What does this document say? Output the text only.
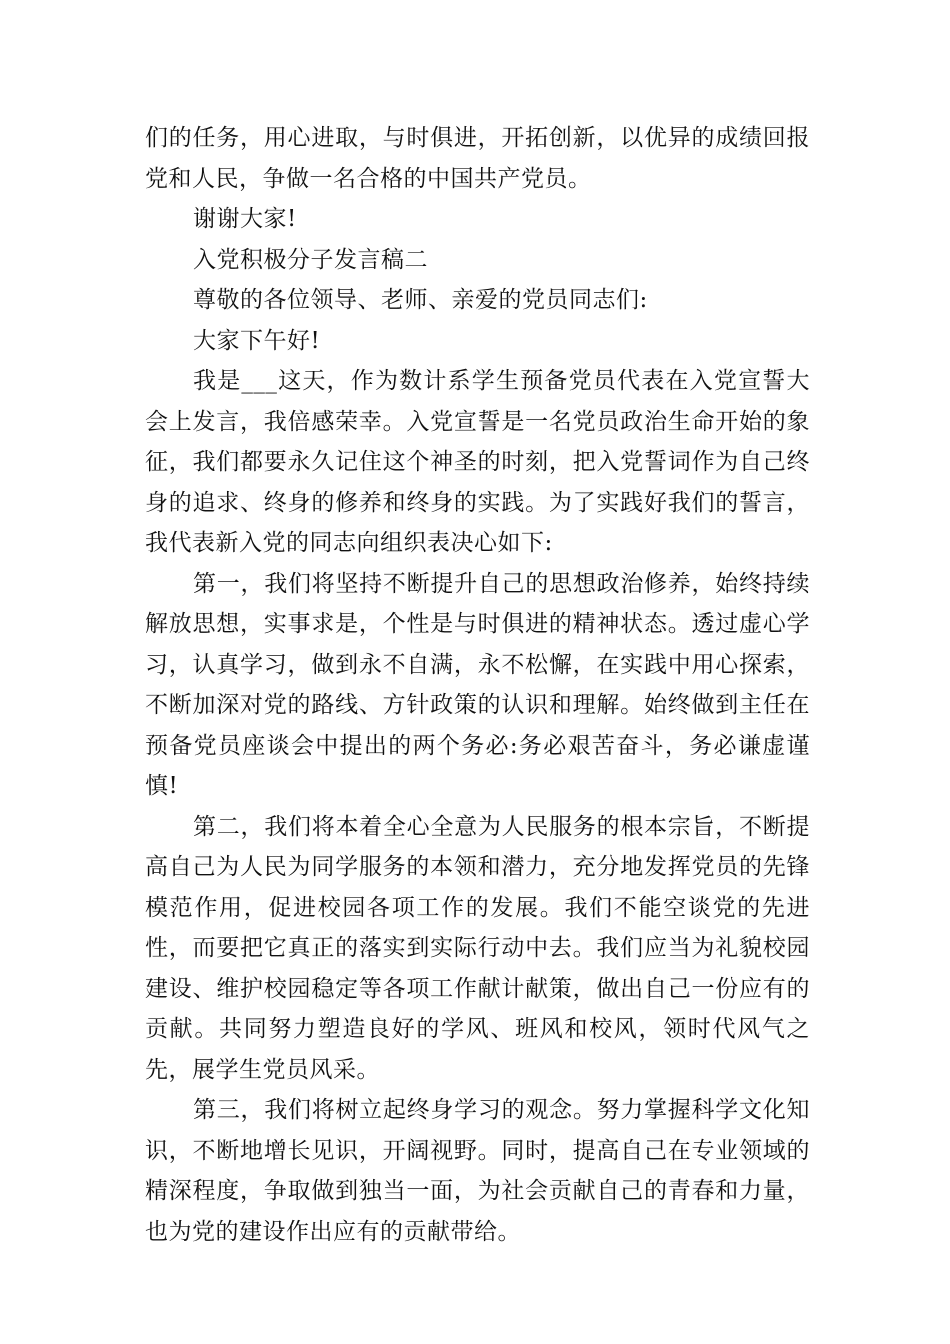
们的任务，用心进取，与时俱进，开拓创新，以优异的成绩回报党和人民，争做一名合格的中国共产党员。

谢谢大家!

入党积极分子发言稿二

尊敬的各位领导、老师、亲爱的党员同志们:

大家下午好!

我是___这天，作为数计系学生预备党员代表在入党宣誓大会上发言，我倍感荣幸。入党宣誓是一名党员政治生命开始的象征，我们都要永久记住这个神圣的时刻，把入党誓词作为自己终身的追求、终身的修养和终身的实践。为了实践好我们的誓言，我代表新入党的同志向组织表决心如下:

第一，我们将坚持不断提升自己的思想政治修养，始终持续解放思想，实事求是，个性是与时俱进的精神状态。透过虚心学习，认真学习，做到永不自满，永不松懈，在实践中用心探索，不断加深对党的路线、方针政策的认识和理解。始终做到主任在预备党员座谈会中提出的两个务必:务必艰苦奋斗，务必谦虚谨慎!

第二，我们将本着全心全意为人民服务的根本宗旨，不断提高自己为人民为同学服务的本领和潜力，充分地发挥党员的先锋模范作用，促进校园各项工作的发展。我们不能空谈党的先进性，而要把它真正的落实到实际行动中去。我们应当为礼貌校园建设、维护校园稳定等各项工作献计献策，做出自己一份应有的贡献。共同努力塑造良好的学风、班风和校风，领时代风气之先，展学生党员风采。

第三，我们将树立起终身学习的观念。努力掌握科学文化知识，不断地增长见识，开阔视野。同时，提高自己在专业领域的精深程度，争取做到独当一面，为社会贡献自己的青春和力量，也为党的建设作出应有的贡献带给。
